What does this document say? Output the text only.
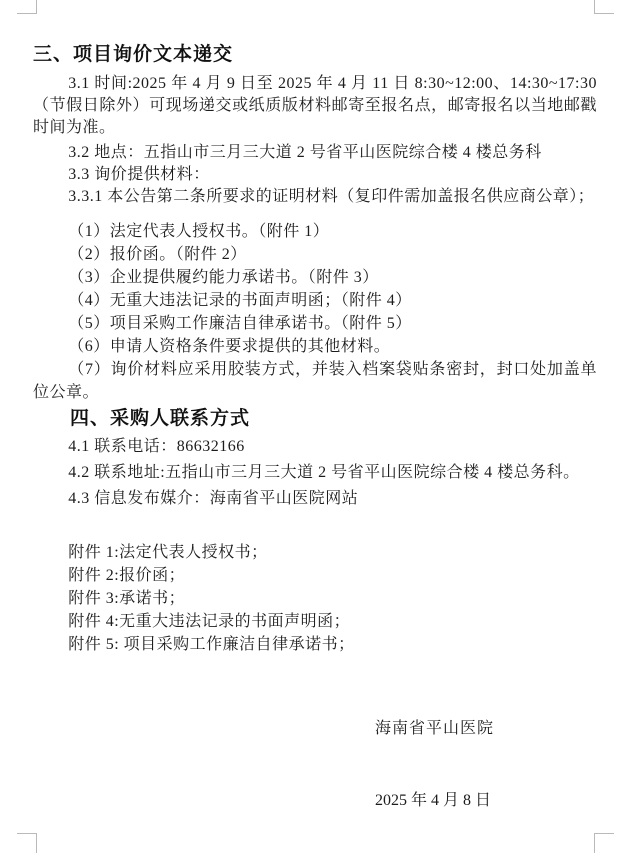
三、项目询价文本递交

3.1 时间:2025 年 4 月 9 日至 2025 年 4 月 11 日 8:30~12:00、14:30~17:30（节假日除外）可现场递交或纸质版材料邮寄至报名点，邮寄报名以当地邮戳时间为准。

3.2 地点：五指山市三月三大道 2 号省平山医院综合楼 4 楼总务科

3.3 询价提供材料：

3.3.1 本公告第二条所要求的证明材料（复印件需加盖报名供应商公章）；

（1）法定代表人授权书。（附件 1）

（2）报价函。（附件 2）

（3）企业提供履约能力承诺书。（附件 3）

（4）无重大违法记录的书面声明函；（附件 4）

（5）项目采购工作廉洁自律承诺书。（附件 5）

（6）申请人资格条件要求提供的其他材料。

（7）询价材料应采用胶装方式，并装入档案袋贴条密封，封口处加盖单位公章。

四、采购人联系方式

4.1 联系电话：86632166

4.2 联系地址:五指山市三月三大道 2 号省平山医院综合楼 4 楼总务科。

4.3 信息发布媒介：海南省平山医院网站

附件 1:法定代表人授权书；

附件 2:报价函；

附件 3:承诺书；

附件 4:无重大违法记录的书面声明函；

附件 5: 项目采购工作廉洁自律承诺书；

海南省平山医院

2025 年 4 月 8 日
